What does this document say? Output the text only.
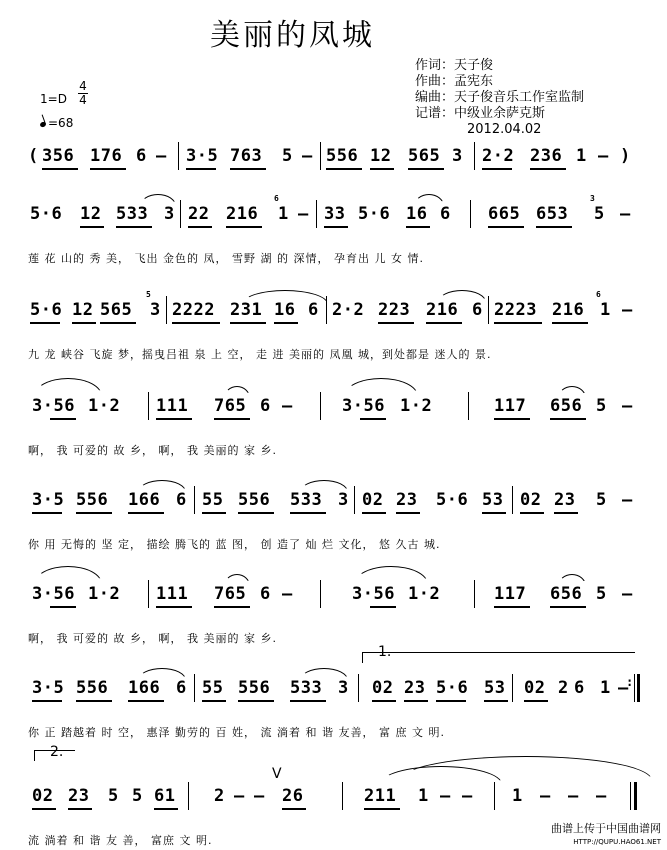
美丽的凤城
作词：天子俊
作曲：孟宪东
编曲：天子俊音乐工作室监制
记谱：中级业余萨克斯
2012.04.02
1=D
4
4
=68
( 356 176 6 – 3·5 763 5 – 556 12 565 3 2·2 236 1 – )
5·6 12 533 3 22 216
6
1 – 33 5·6 16 6 665 653
3
5 –
莲 花 山的 秀 美， 飞出 金色的 凤， 雪野 湖 的 深情， 孕育出 儿 女 情.
5·6 12 565
5
3 2222 231 16 6 2·2 223 216 6 2223 216
6
1 –
九 龙 峡谷 飞旋 梦，摇曳吕祖 泉 上 空， 走 进 美丽的 凤凰 城，到处都是 迷人的 景.
3·56 1·2 111 765 6 –	3·56 1·2	117 656 5 –
啊， 我 可爱的 故 乡， 啊， 我 美丽的 家 乡.
3·5 556 166 6 55 556 533 3 02 23 5·6 53 02 23 5 –
你 用 无悔的 坚 定， 描绘 腾飞的 蓝 图， 创 造了 灿 烂 文化， 悠 久古 城.
3·56 1·2 111 765 6 –	3·56 1·2	117 656 5 –
啊， 我 可爱的 故 乡， 啊， 我 美丽的 家 乡.
1.
3·5 556 166 6 55 556 533 3 02 23 5·6 53 02 2 6 1 –
:
你 正 踏越着 时 空， 惠泽 勤劳的 百 姓， 流 淌着 和 谐 友善， 富 庶 文 明.
2.
V
02 23 5 5 61 2 – – 26	211 1 – – 1 – – –
流 淌着 和 谐 友 善， 富庶 文 明.
曲谱上传于中国曲谱网
HTTP://QUPU.HAO61.NET
